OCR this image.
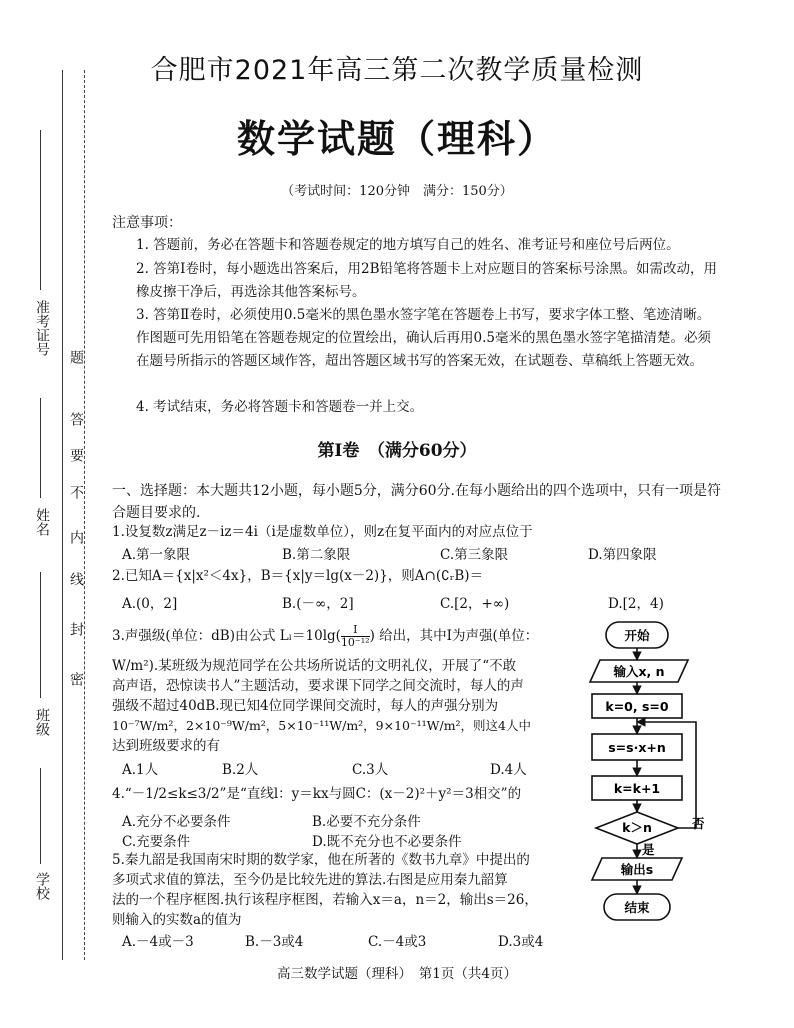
准考证号
姓名
班级
学校
题
答
要
不
内
线
封
密
合肥市2021年高三第二次教学质量检测
数学试题（理科）
（考试时间：120分钟　满分：150分）
注意事项：
1. 答题前，务必在答题卡和答题卷规定的地方填写自己的姓名、准考证号和座位号后两位。
2. 答第Ⅰ卷时，每小题选出答案后，用2B铅笔将答题卡上对应题目的答案标号涂黑。如需改动，用橡皮擦干净后，再选涂其他答案标号。
3. 答第Ⅱ卷时，必须使用0.5毫米的黑色墨水签字笔在答题卷上书写，要求字体工整、笔迹清晰。作图题可先用铅笔在答题卷规定的位置绘出，确认后再用0.5毫米的黑色墨水签字笔描清楚。必须在题号所指示的答题区域作答，超出答题区域书写的答案无效，在试题卷、草稿纸上答题无效。
4. 考试结束，务必将答题卡和答题卷一并上交。
第Ⅰ卷　（满分60分）
一、选择题：本大题共12小题，每小题5分，满分60分.在每小题给出的四个选项中，只有一项是符合题目要求的.
1.设复数z满足z－iz＝4i（i是虚数单位），则z在复平面内的对应点位于
A.第一象限	B.第二象限	C.第三象限	D.第四象限
2.已知A＝{x|x²＜4x}，B＝{x|y＝lg(x－2)}，则A∩(∁ᵣB)＝
A.(0，2]	B.(－∞，2]	C.[2，+∞)	D.[2，4)
3.声强级(单位：dB)由公式 $L_l=10\lg( \frac{I}{\text{10⁻¹²}}$ ) 给出，其中I为声强(单位：
W/m²).某班级为规范同学在公共场所说话的文明礼仪，开展了“不敢
高声语，恐惊读书人”主题活动，要求课下同学之间交流时，每人的声
强级不超过40dB.现已知4位同学课间交流时，每人的声强分别为
10⁻⁷W/m²，2×10⁻⁹W/m²，5×10⁻¹¹W/m²，9×10⁻¹¹W/m²，则这4人中
达到班级要求的有
A.1人	B.2人	C.3人	D.4人
4.“－1/2≤k≤3/2”是“直线l：y＝kx与圆C：(x－2)²＋y²＝3相交”的
A.充分不必要条件	B.必要不充分条件
C.充要条件	D.既不充分也不必要条件
5.秦九韶是我国南宋时期的数学家，他在所著的《数书九章》中提出的
多项式求值的算法，至今仍是比较先进的算法.右图是应用秦九韶算
法的一个程序框图.执行该程序框图，若输入x＝a，n＝2，输出s＝26，
则输入的实数a的值为
A.－4或－3	B.－3或4	C.－4或3	D.3或4
开始
输入x, n
k=0, s=0
s=s·x+n
k=k+1
k＞n	否
是
输出s
结束
高三数学试题（理科）　第1页（共4页）
